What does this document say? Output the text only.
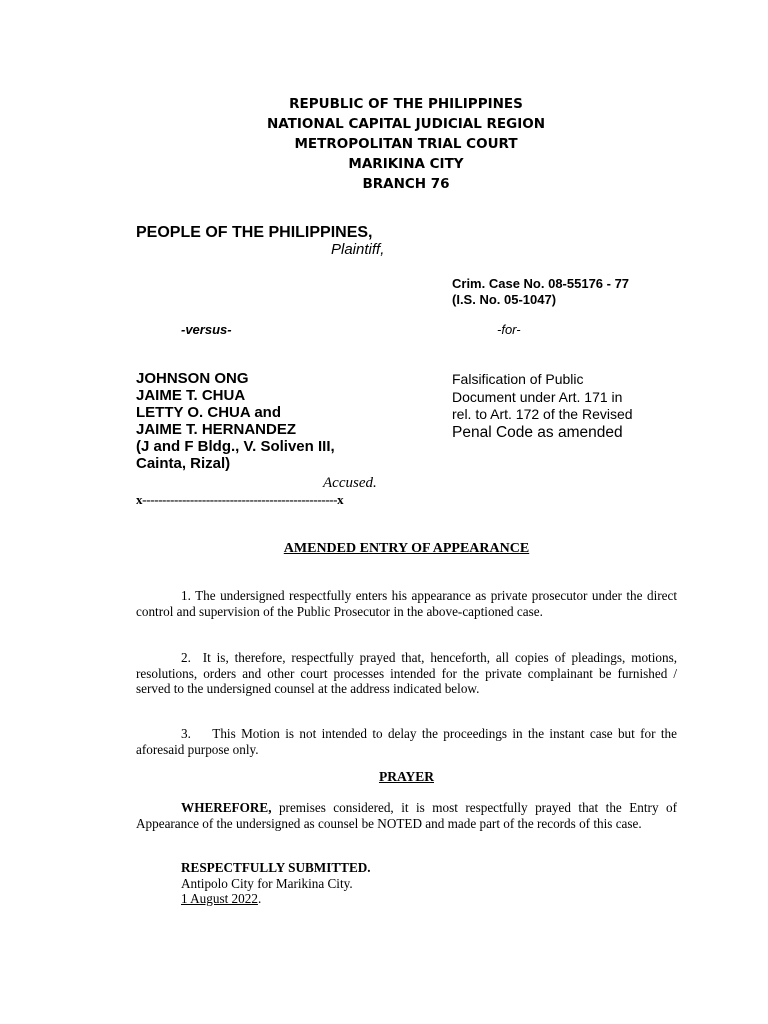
REPUBLIC OF THE PHILIPPINES
NATIONAL CAPITAL JUDICIAL REGION
METROPOLITAN TRIAL COURT
MARIKINA CITY
BRANCH 76
PEOPLE OF THE PHILIPPINES,
Plaintiff,
Crim. Case No. 08-55176 - 77
(I.S. No. 05-1047)
-versus-	-for-
JOHNSON ONG
JAIME T. CHUA
LETTY O. CHUA and
JAIME T. HERNANDEZ
(J and F Bldg., V. Soliven III,
Cainta, Rizal)
Falsification of Public
Document under Art. 171 in
rel. to Art. 172 of the Revised
Penal Code as amended
Accused.
x-------------------------------------------------x
AMENDED ENTRY OF APPEARANCE
1. The undersigned respectfully enters his appearance as private prosecutor under the direct control and supervision of the Public Prosecutor in the above-captioned case.
2.  It is, therefore, respectfully prayed that, henceforth, all copies of pleadings, motions, resolutions, orders and other court processes intended for the private complainant be furnished / served to the undersigned counsel at the address indicated below.
3.    This Motion is not intended to delay the proceedings in the instant case but for the aforesaid purpose only.
PRAYER
WHEREFORE, premises considered, it is most respectfully prayed that the Entry of Appearance of the undersigned as counsel be NOTED and made part of the records of this case.
RESPECTFULLY SUBMITTED.
Antipolo City for Marikina City.
1 August 2022.
